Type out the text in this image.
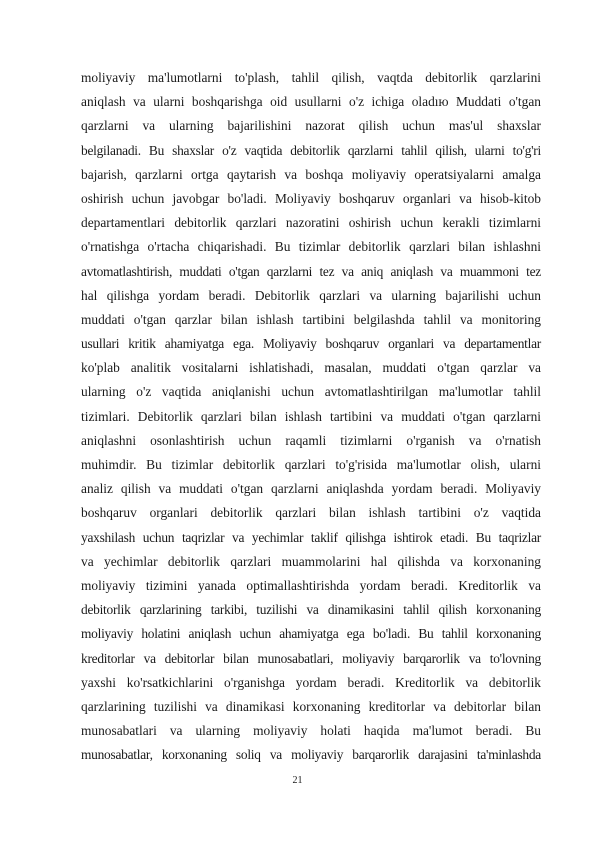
moliyaviy ma'lumotlarni to'plash, tahlil qilish, vaqtda debitorlik qarzlarini
aniqlash va ularni boshqarishga oid usullarni o'z ichiga oladıю Muddati o'tgan
qarzlarni va ularning bajarilishini nazorat qilish uchun mas'ul shaxslar
belgilanadi. Bu shaxslar o'z vaqtida debitorlik qarzlarni tahlil qilish, ularni to'g'ri
bajarish, qarzlarni ortga qaytarish va boshqa moliyaviy operatsiyalarni amalga
oshirish uchun javobgar bo'ladi. Moliyaviy boshqaruv organlari va hisob-kitob
departamentlari debitorlik qarzlari nazoratini oshirish uchun kerakli tizimlarni
o'rnatishga o'rtacha chiqarishadi. Bu tizimlar debitorlik qarzlari bilan ishlashni
avtomatlashtirish, muddati o'tgan qarzlarni tez va aniq aniqlash va muammoni tez
hal qilishga yordam beradi. Debitorlik qarzlari va ularning bajarilishi uchun
muddati o'tgan qarzlar bilan ishlash tartibini belgilashda tahlil va monitoring
usullari kritik ahamiyatga ega. Moliyaviy boshqaruv organlari va departamentlar
ko'plab analitik vositalarni ishlatishadi, masalan, muddati o'tgan qarzlar va
ularning o'z vaqtida aniqlanishi uchun avtomatlashtirilgan ma'lumotlar tahlil
tizimlari. Debitorlik qarzlari bilan ishlash tartibini va muddati o'tgan qarzlarni
aniqlashni osonlashtirish uchun raqamli tizimlarni o'rganish va o'rnatish
muhimdir. Bu tizimlar debitorlik qarzlari to'g'risida ma'lumotlar olish, ularni
analiz qilish va muddati o'tgan qarzlarni aniqlashda yordam beradi. Moliyaviy
boshqaruv organlari debitorlik qarzlari bilan ishlash tartibini o'z vaqtida
yaxshilash uchun taqrizlar va yechimlar taklif qilishga ishtirok etadi. Bu taqrizlar
va yechimlar debitorlik qarzlari muammolarini hal qilishda va korxonaning
moliyaviy tizimini yanada optimallashtirishda yordam beradi. Kreditorlik va
debitorlik qarzlarining tarkibi, tuzilishi va dinamikasini tahlil qilish korxonaning
moliyaviy holatini aniqlash uchun ahamiyatga ega bo'ladi. Bu tahlil korxonaning
kreditorlar va debitorlar bilan munosabatlari, moliyaviy barqarorlik va to'lovning
yaxshi ko'rsatkichlarini o'rganishga yordam beradi. Kreditorlik va debitorlik
qarzlarining tuzilishi va dinamikasi korxonaning kreditorlar va debitorlar bilan
munosabatlari va ularning moliyaviy holati haqida ma'lumot beradi. Bu
munosabatlar, korxonaning soliq va moliyaviy barqarorlik darajasini ta'minlashda
21
